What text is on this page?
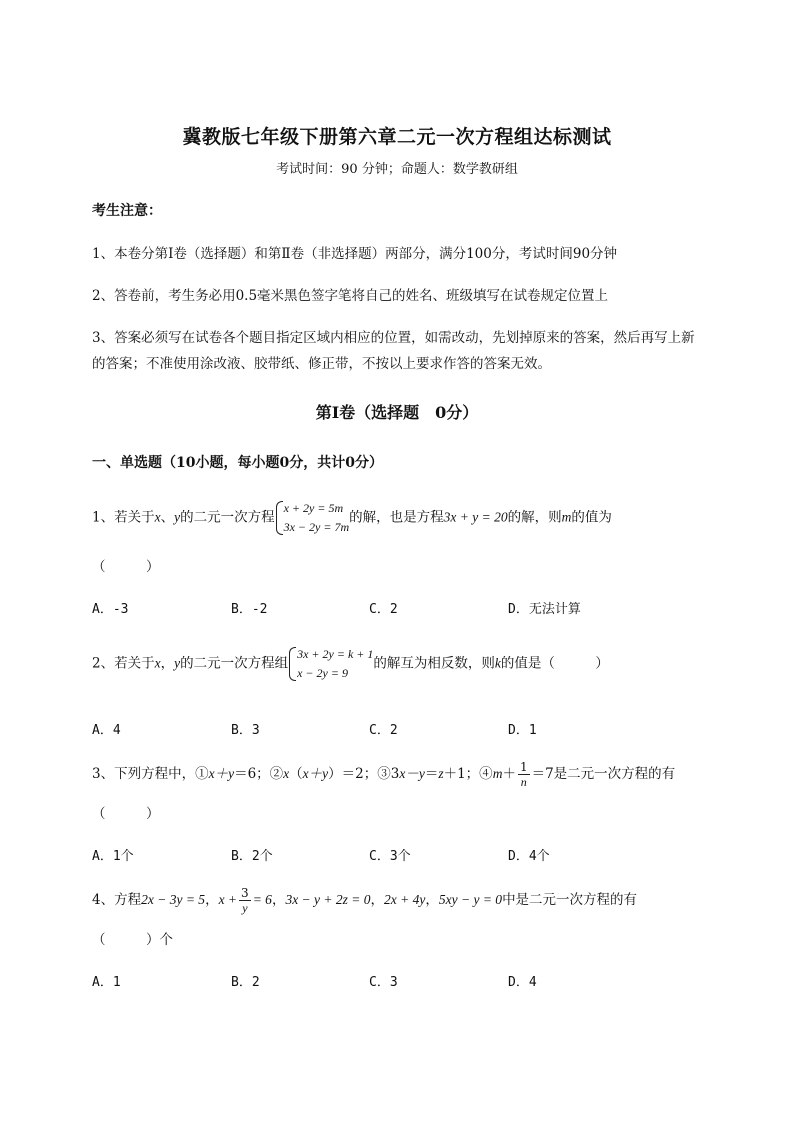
冀教版七年级下册第六章二元一次方程组达标测试
考试时间：90 分钟；命题人：数学教研组
考生注意：
1、本卷分第Ⅰ卷（选择题）和第Ⅱ卷（非选择题）两部分，满分100分，考试时间90分钟
2、答卷前，考生务必用0.5毫米黑色签字笔将自己的姓名、班级填写在试卷规定位置上
3、答案必须写在试卷各个题目指定区域内相应的位置，如需改动，先划掉原来的答案，然后再写上新
的答案；不准使用涂改液、胶带纸、修正带，不按以上要求作答的答案无效。
第Ⅰ卷（选择题　0分）
一、单选题（10小题，每小题0分，共计0分）
1、若关于x、y的二元一次方程
x + 2y = 5m
3x − 2y = 7m
的解，也是方程3x + y = 20的解，则m的值为
（　　　）
A．-3	B．-2	C．2	D．无法计算
2、若关于x，y的二元一次方程组
3x + 2y = k + 1
x − 2y = 9
的解互为相反数，则k的值是（　　　）
A．4	B．3	C．2	D．1
3、下列方程中，①x＋y＝6；②x（x＋y）＝2；③3x－y＝z＋1；④m＋ $\frac{1}{n} =7$是二元一次方程的有
（　　　）
A．1个	B．2个	C．3个	D．4个
4、方程2x − 3y = 5，$x + \frac{3}{y} = 6$，3x − y + 2z = 0，2x + 4y，5xy − y = 0中是二元一次方程的有
（　　　）个
A．1	B．2	C．3	D．4
